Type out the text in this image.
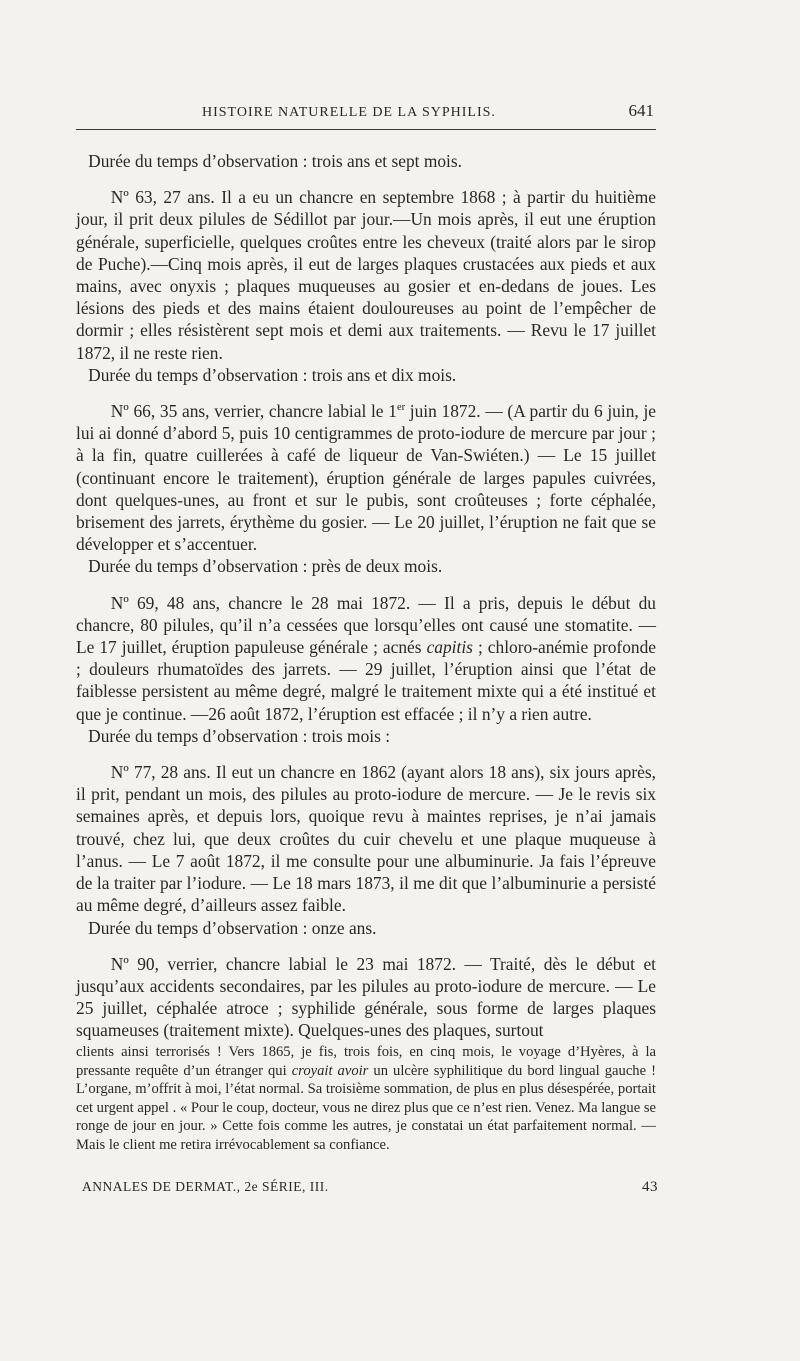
HISTOIRE NATURELLE DE LA SYPHILIS.	641

Durée du temps d’observation : trois ans et sept mois.

Nº 63, 27 ans. Il a eu un chancre en septembre 1868 ; à partir du huitième jour, il prit deux pilules de Sédillot par jour.—Un mois après, il eut une éruption générale, superficielle, quelques croûtes entre les cheveux (traité alors par le sirop de Puche).—Cinq mois après, il eut de larges plaques crustacées aux pieds et aux mains, avec onyxis ; plaques muqueuses au gosier et en-dedans de joues. Les lésions des pieds et des mains étaient douloureuses au point de l’empêcher de dormir ; elles résistèrent sept mois et demi aux traitements. — Revu le 17 juillet 1872, il ne reste rien.

Durée du temps d’observation : trois ans et dix mois.

Nº 66, 35 ans, verrier, chancre labial le 1er juin 1872. — (A partir du 6 juin, je lui ai donné d’abord 5, puis 10 centigrammes de proto-iodure de mercure par jour ; à la fin, quatre cuillerées à café de liqueur de Van-Swiéten.) — Le 15 juillet (continuant encore le traitement), éruption générale de larges papules cuivrées, dont quelques-unes, au front et sur le pubis, sont croûteuses ; forte céphalée, brisement des jarrets, érythème du gosier. — Le 20 juillet, l’éruption ne fait que se développer et s’accentuer.

Durée du temps d’observation : près de deux mois.

Nº 69, 48 ans, chancre le 28 mai 1872. — Il a pris, depuis le début du chancre, 80 pilules, qu’il n’a cessées que lorsqu’elles ont causé une stomatite. — Le 17 juillet, éruption papuleuse générale ; acnés capitis ; chloro-anémie profonde ; douleurs rhumatoïdes des jarrets. — 29 juillet, l’éruption ainsi que l’état de faiblesse persistent au même degré, malgré le traitement mixte qui a été institué et que je continue. —26 août 1872, l’éruption est effacée ; il n’y a rien autre.

Durée du temps d’observation : trois mois :

Nº 77, 28 ans. Il eut un chancre en 1862 (ayant alors 18 ans), six jours après, il prit, pendant un mois, des pilules au proto-iodure de mercure. — Je le revis six semaines après, et depuis lors, quoique revu à maintes reprises, je n’ai jamais trouvé, chez lui, que deux croûtes du cuir chevelu et une plaque muqueuse à l’anus. — Le 7 août 1872, il me consulte pour une albuminurie. Ja fais l’épreuve de la traiter par l’iodure. — Le 18 mars 1873, il me dit que l’albuminurie a persisté au même degré, d’ailleurs assez faible.

Durée du temps d’observation : onze ans.

Nº 90, verrier, chancre labial le 23 mai 1872. — Traité, dès le début et jusqu’aux accidents secondaires, par les pilules au proto-iodure de mercure. — Le 25 juillet, céphalée atroce ; syphilide générale, sous forme de larges plaques squameuses (traitement mixte). Quelques-unes des plaques, surtout

clients ainsi terrorisés ! Vers 1865, je fis, trois fois, en cinq mois, le voyage d’Hyères, à la pressante requête d’un étranger qui croyait avoir un ulcère syphilitique du bord lingual gauche ! L’organe, m’offrit à moi, l’état normal. Sa troisième sommation, de plus en plus désespérée, portait cet urgent appel . « Pour le coup, docteur, vous ne direz plus que ce n’est rien. Venez. Ma langue se ronge de jour en jour. » Cette fois comme les autres, je constatai un état parfaitement normal. — Mais le client me retira irrévocablement sa confiance.

ANNALES DE DERMAT., 2e SÉRIE, III.	43
